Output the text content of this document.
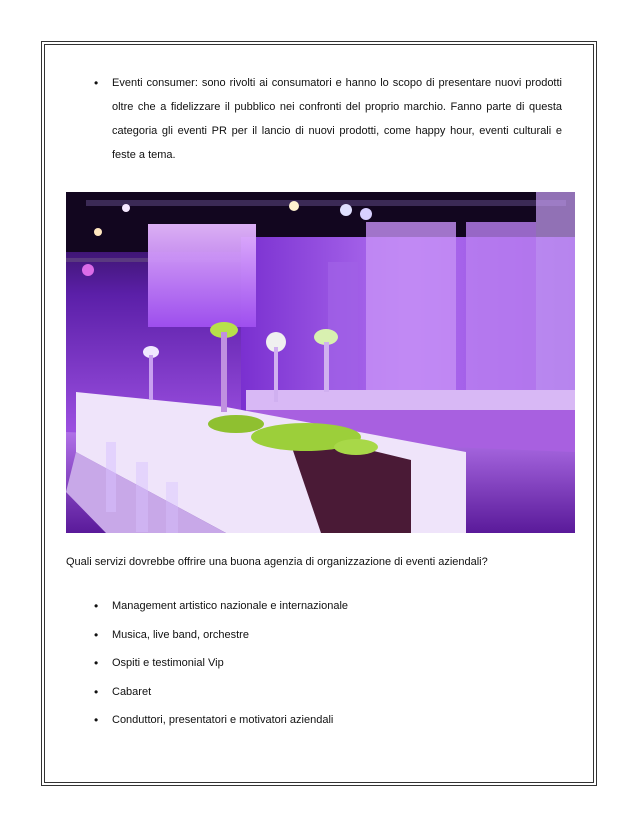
• Eventi consumer: sono rivolti ai consumatori e hanno lo scopo di presentare nuovi prodotti oltre che a fidelizzare il pubblico nei confronti del proprio marchio. Fanno parte di questa categoria gli eventi PR per il lancio di nuovi prodotti, come happy hour, eventi culturali e feste a tema.
Quali servizi dovrebbe offrire una buona agenzia di organizzazione di eventi aziendali?
• Management artistico nazionale e internazionale
• Musica, live band, orchestre
• Ospiti e testimonial Vip
• Cabaret
• Conduttori, presentatori e motivatori aziendali
